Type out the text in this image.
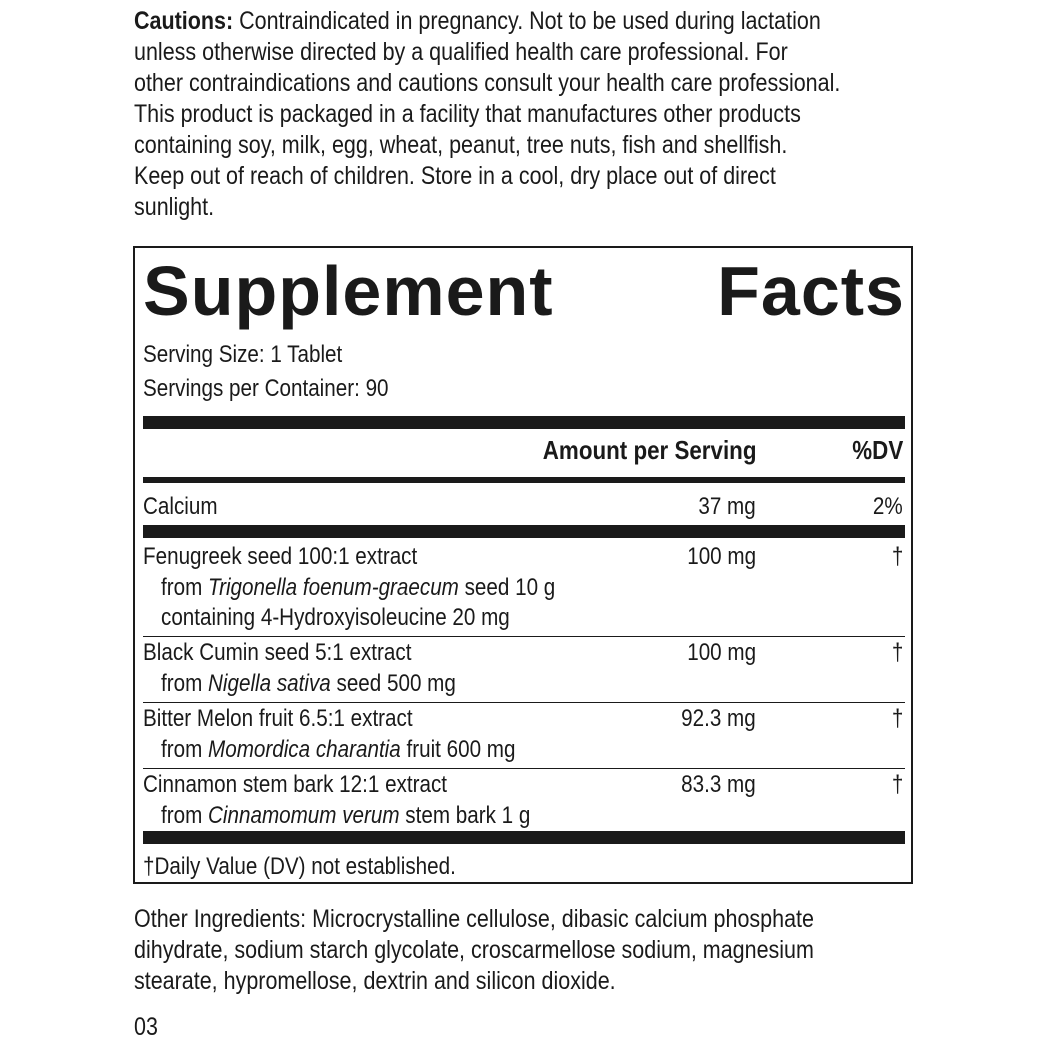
Cautions: Contraindicated in pregnancy. Not to be used during lactation
unless otherwise directed by a qualified health care professional. For
other contraindications and cautions consult your health care professional.
This product is packaged in a facility that manufactures other products
containing soy, milk, egg, wheat, peanut, tree nuts, fish and shellfish.
Keep out of reach of children. Store in a cool, dry place out of direct
sunlight.
Supplement Facts
Serving Size: 1 Tablet
Servings per Container: 90
Amount per Serving	%DV
Calcium	37 mg	2%
Fenugreek seed 100:1 extract	100 mg	†
from Trigonella foenum-graecum seed 10 g
containing 4-Hydroxyisoleucine 20 mg
Black Cumin seed 5:1 extract	100 mg	†
from Nigella sativa seed 500 mg
Bitter Melon fruit 6.5:1 extract	92.3 mg	†
from Momordica charantia fruit 600 mg
Cinnamon stem bark 12:1 extract	83.3 mg	†
from Cinnamomum verum stem bark 1 g
†Daily Value (DV) not established.
Other Ingredients: Microcrystalline cellulose, dibasic calcium phosphate
dihydrate, sodium starch glycolate, croscarmellose sodium, magnesium
stearate, hypromellose, dextrin and silicon dioxide.
03
